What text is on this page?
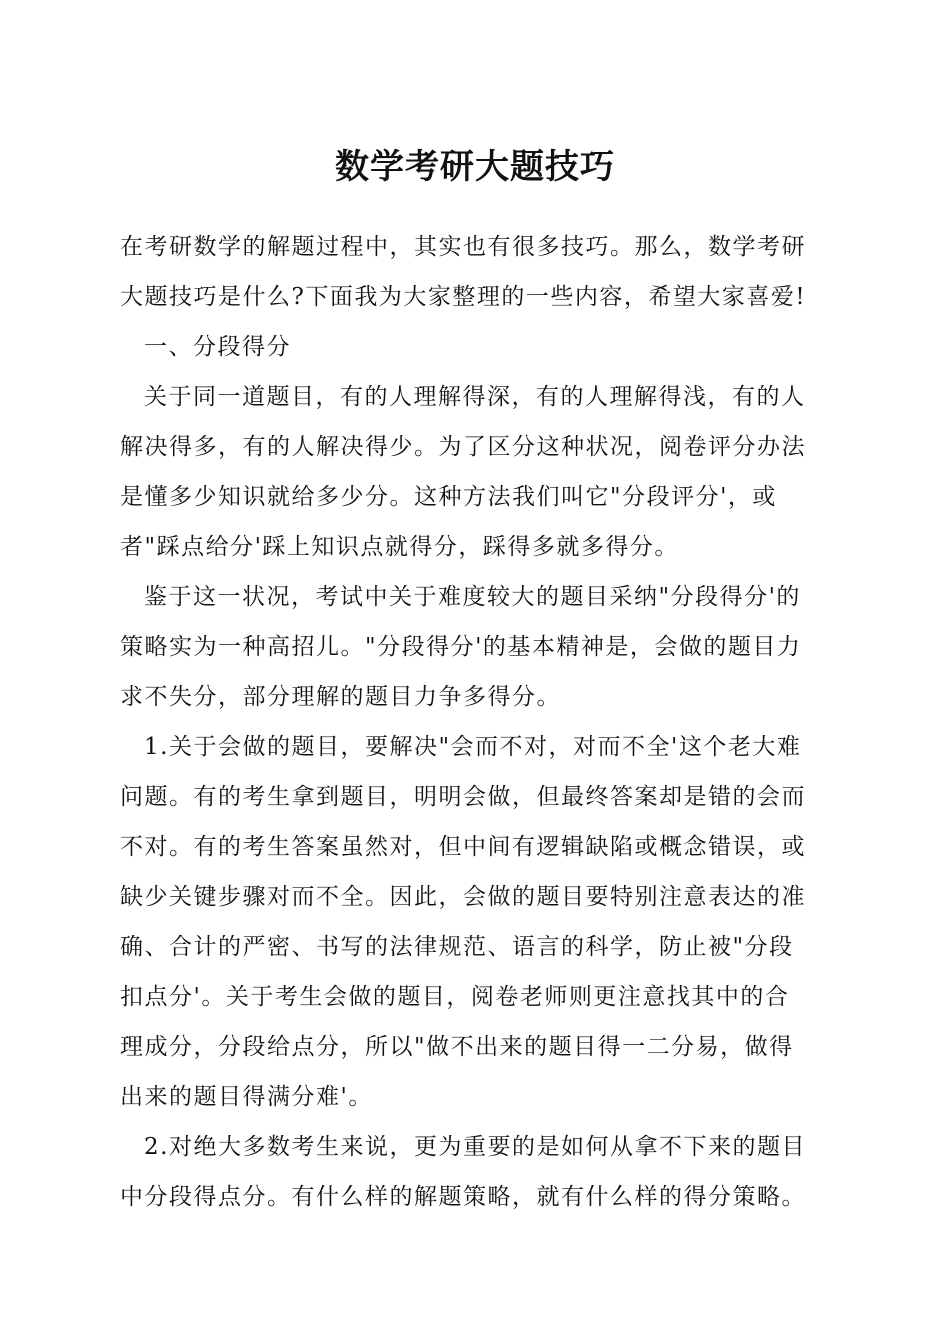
数学考研大题技巧
在考研数学的解题过程中，其实也有很多技巧。那么，数学考研
大题技巧是什么?下面我为大家整理的一些内容，希望大家喜爱!
一、分段得分
关于同一道题目，有的人理解得深，有的人理解得浅，有的人
解决得多，有的人解决得少。为了区分这种状况，阅卷评分办法
是懂多少知识就给多少分。这种方法我们叫它"分段评分'，或
者"踩点给分'踩上知识点就得分，踩得多就多得分。
鉴于这一状况，考试中关于难度较大的题目采纳"分段得分'的
策略实为一种高招儿。"分段得分'的基本精神是，会做的题目力
求不失分，部分理解的题目力争多得分。
1.关于会做的题目，要解决"会而不对，对而不全'这个老大难
问题。有的考生拿到题目，明明会做，但最终答案却是错的会而
不对。有的考生答案虽然对，但中间有逻辑缺陷或概念错误，或
缺少关键步骤对而不全。因此，会做的题目要特别注意表达的准
确、合计的严密、书写的法律规范、语言的科学，防止被"分段
扣点分'。关于考生会做的题目，阅卷老师则更注意找其中的合
理成分，分段给点分，所以"做不出来的题目得一二分易，做得
出来的题目得满分难'。
2.对绝大多数考生来说，更为重要的是如何从拿不下来的题目
中分段得点分。有什么样的解题策略，就有什么样的得分策略。
